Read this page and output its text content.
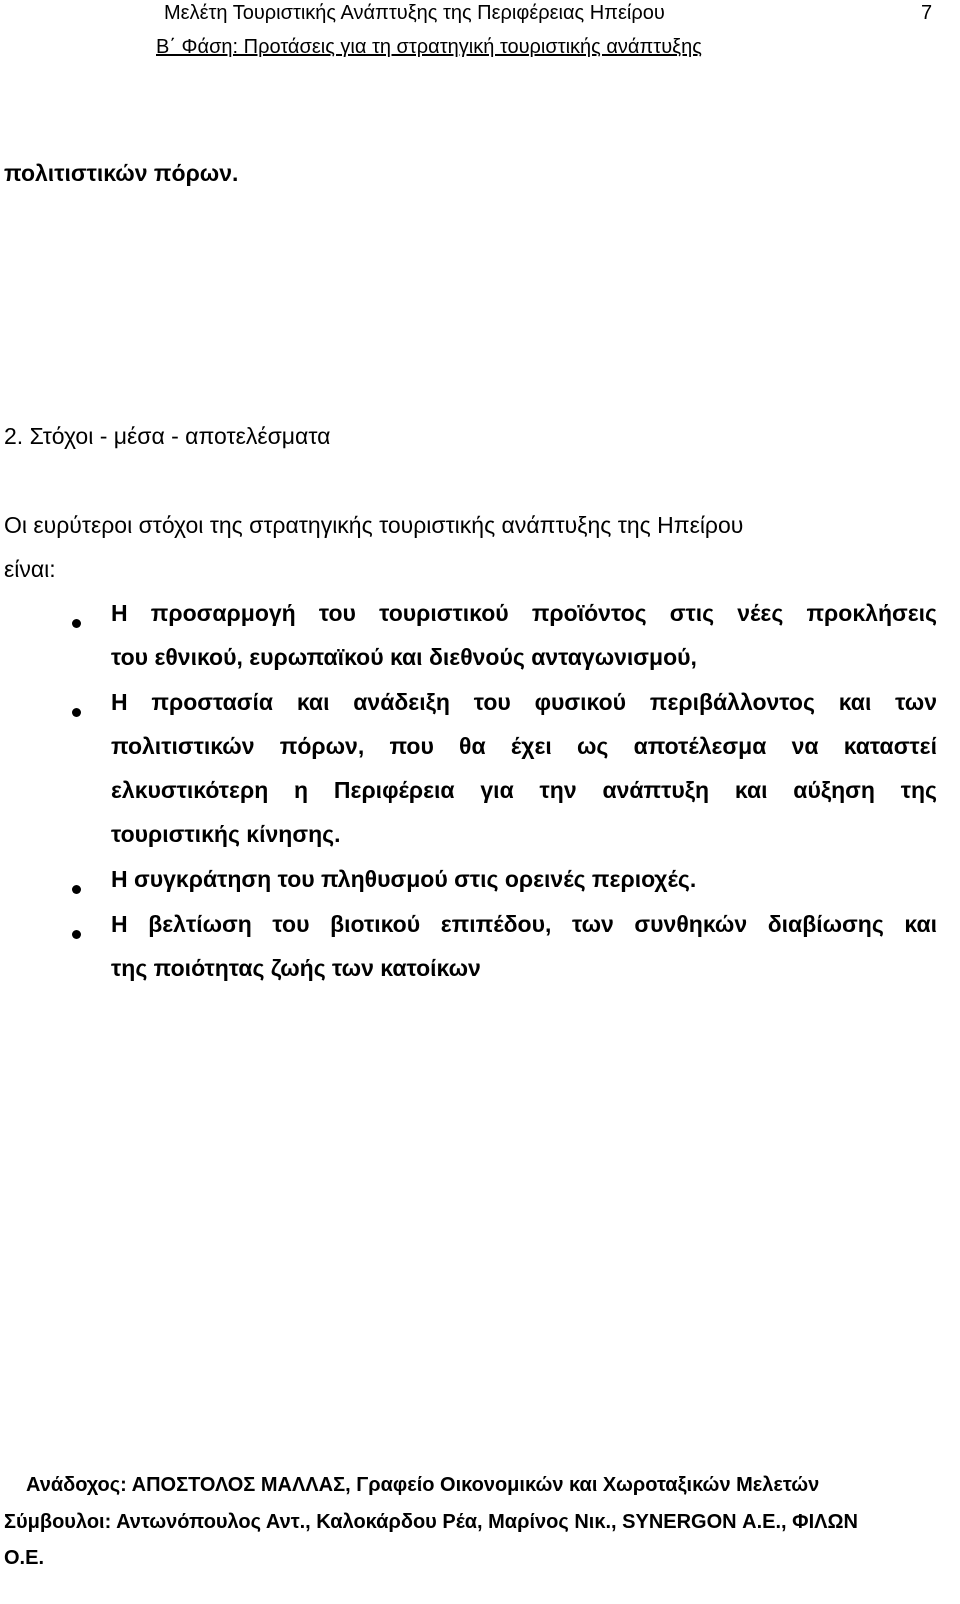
Μελέτη Τουριστικής Ανάπτυξης της Περιφέρειας Ηπείρου	7
Β΄ Φάση: Προτάσεις για τη στρατηγική τουριστικής ανάπτυξης
πολιτιστικών πόρων.
2. Στόχοι - μέσα - αποτελέσματα
Οι ευρύτεροι στόχοι της στρατηγικής τουριστικής ανάπτυξης της Ηπείρου
είναι:
Η προσαρμογή του τουριστικού προϊόντος στις νέες προκλήσεις
του εθνικού, ευρωπαϊκού και διεθνούς ανταγωνισμού,
Η προστασία και ανάδειξη του φυσικού περιβάλλοντος και των
πολιτιστικών πόρων, που θα έχει ως αποτέλεσμα να καταστεί
ελκυστικότερη η Περιφέρεια για την ανάπτυξη και αύξηση της
τουριστικής κίνησης.
Η συγκράτηση του πληθυσμού στις ορεινές περιοχές.
Η βελτίωση του βιοτικού επιπέδου, των συνθηκών διαβίωσης και
της ποιότητας ζωής των κατοίκων
Ανάδοχος: ΑΠΟΣΤΟΛΟΣ ΜΑΛΛΑΣ, Γραφείο Οικονομικών και Χωροταξικών Μελετών
Σύμβουλοι: Αντωνόπουλος Αντ., Καλοκάρδου Ρέα, Μαρίνος Νικ., SYNERGON Α.Ε., ΦΙΛΩΝ
Ο.Ε.
